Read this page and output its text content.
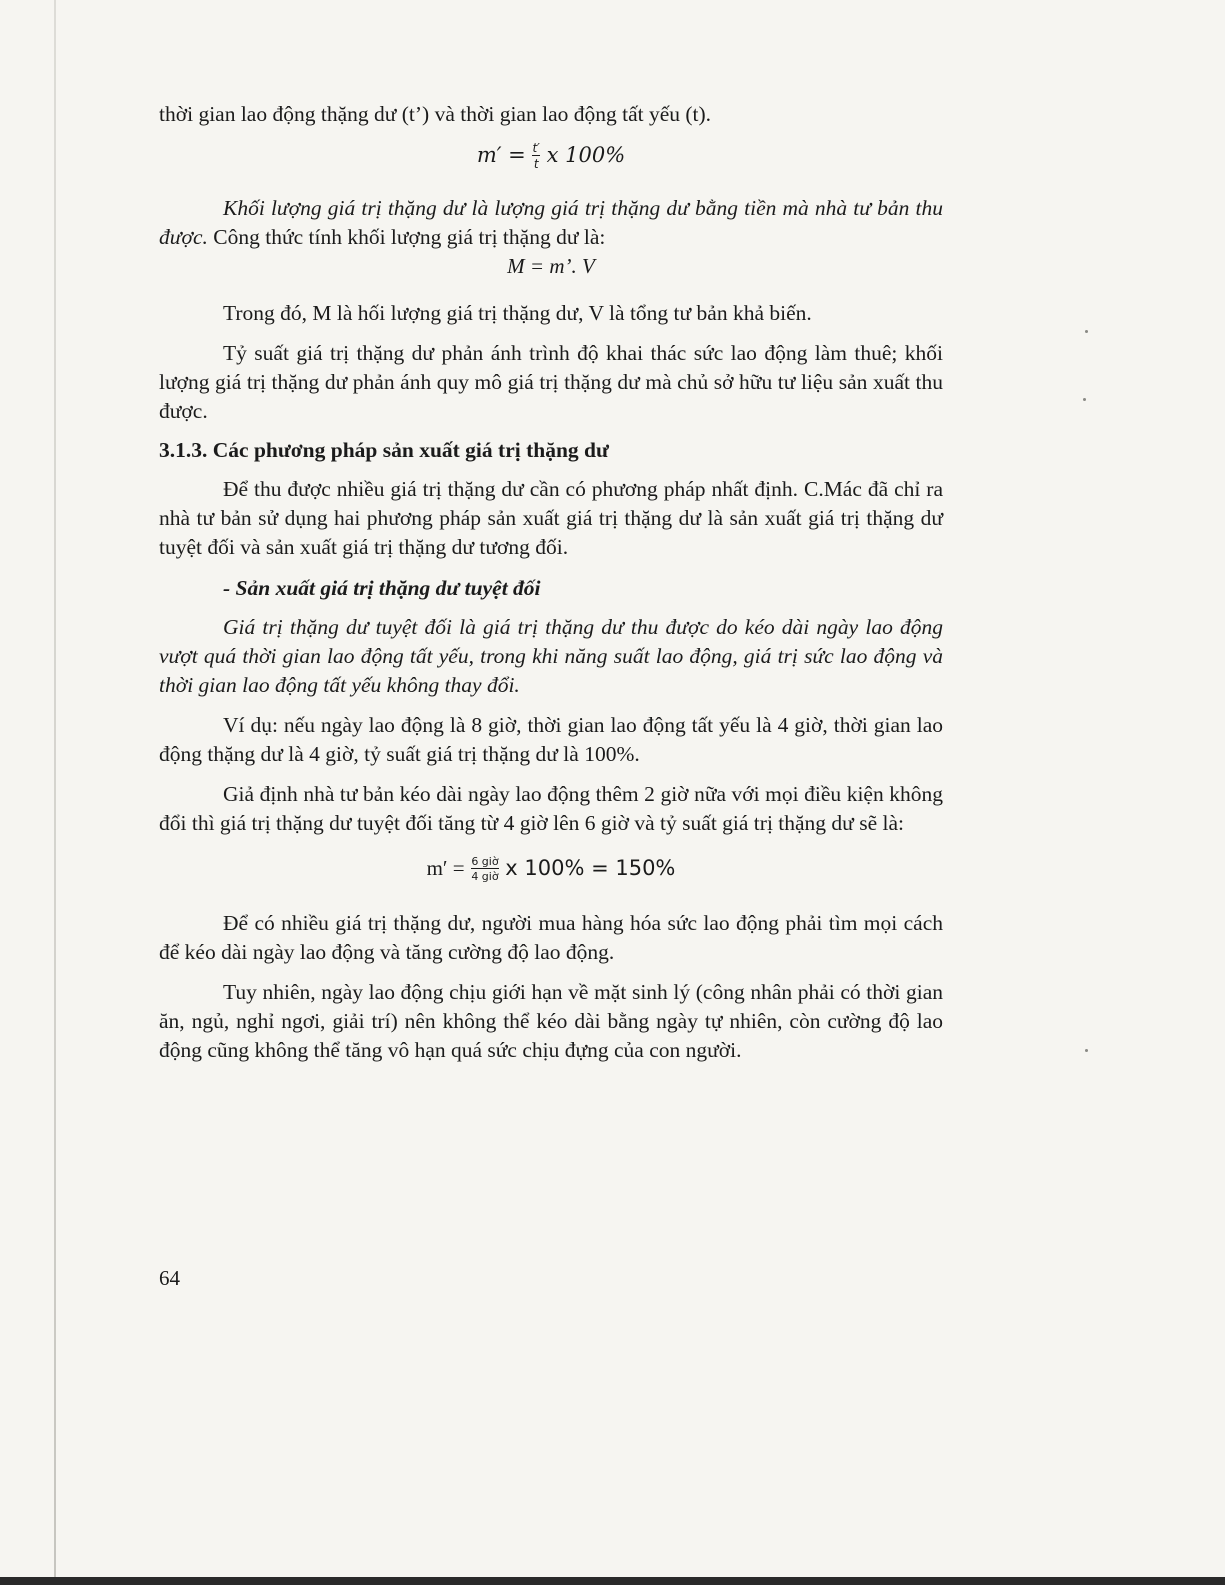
thời gian lao động thặng dư (t’) và thời gian lao động tất yếu (t).

$m' = \frac{t'}{t}$ x 100%

Khối lượng giá trị thặng dư là lượng giá trị thặng dư bằng tiền mà nhà tư bản thu được. Công thức tính khối lượng giá trị thặng dư là:

M = m’. V

Trong đó, M là hối lượng giá trị thặng dư, V là tổng tư bản khả biến.

Tỷ suất giá trị thặng dư phản ánh trình độ khai thác sức lao động làm thuê; khối lượng giá trị thặng dư phản ánh quy mô giá trị thặng dư mà chủ sở hữu tư liệu sản xuất thu được.

3.1.3. Các phương pháp sản xuất giá trị thặng dư

Để thu được nhiều giá trị thặng dư cần có phương pháp nhất định. C.Mác đã chỉ ra nhà tư bản sử dụng hai phương pháp sản xuất giá trị thặng dư là sản xuất giá trị thặng dư tuyệt đối và sản xuất giá trị thặng dư tương đối.

- Sản xuất giá trị thặng dư tuyệt đối

Giá trị thặng dư tuyệt đối là giá trị thặng dư thu được do kéo dài ngày lao động vượt quá thời gian lao động tất yếu, trong khi năng suất lao động, giá trị sức lao động và thời gian lao động tất yếu không thay đổi.

Ví dụ: nếu ngày lao động là 8 giờ, thời gian lao động tất yếu là 4 giờ, thời gian lao động thặng dư là 4 giờ, tỷ suất giá trị thặng dư là 100%.

Giả định nhà tư bản kéo dài ngày lao động thêm 2 giờ nữa với mọi điều kiện không đổi thì giá trị thặng dư tuyệt đối tăng từ 4 giờ lên 6 giờ và tỷ suất giá trị thặng dư sẽ là:

$m' = \frac{\text{6 giờ}}{\text{4 giờ}}$ x 100% = 150%

Để có nhiều giá trị thặng dư, người mua hàng hóa sức lao động phải tìm mọi cách để kéo dài ngày lao động và tăng cường độ lao động.

Tuy nhiên, ngày lao động chịu giới hạn về mặt sinh lý (công nhân phải có thời gian ăn, ngủ, nghỉ ngơi, giải trí) nên không thể kéo dài bằng ngày tự nhiên, còn cường độ lao động cũng không thể tăng vô hạn quá sức chịu đựng của con người.

64
